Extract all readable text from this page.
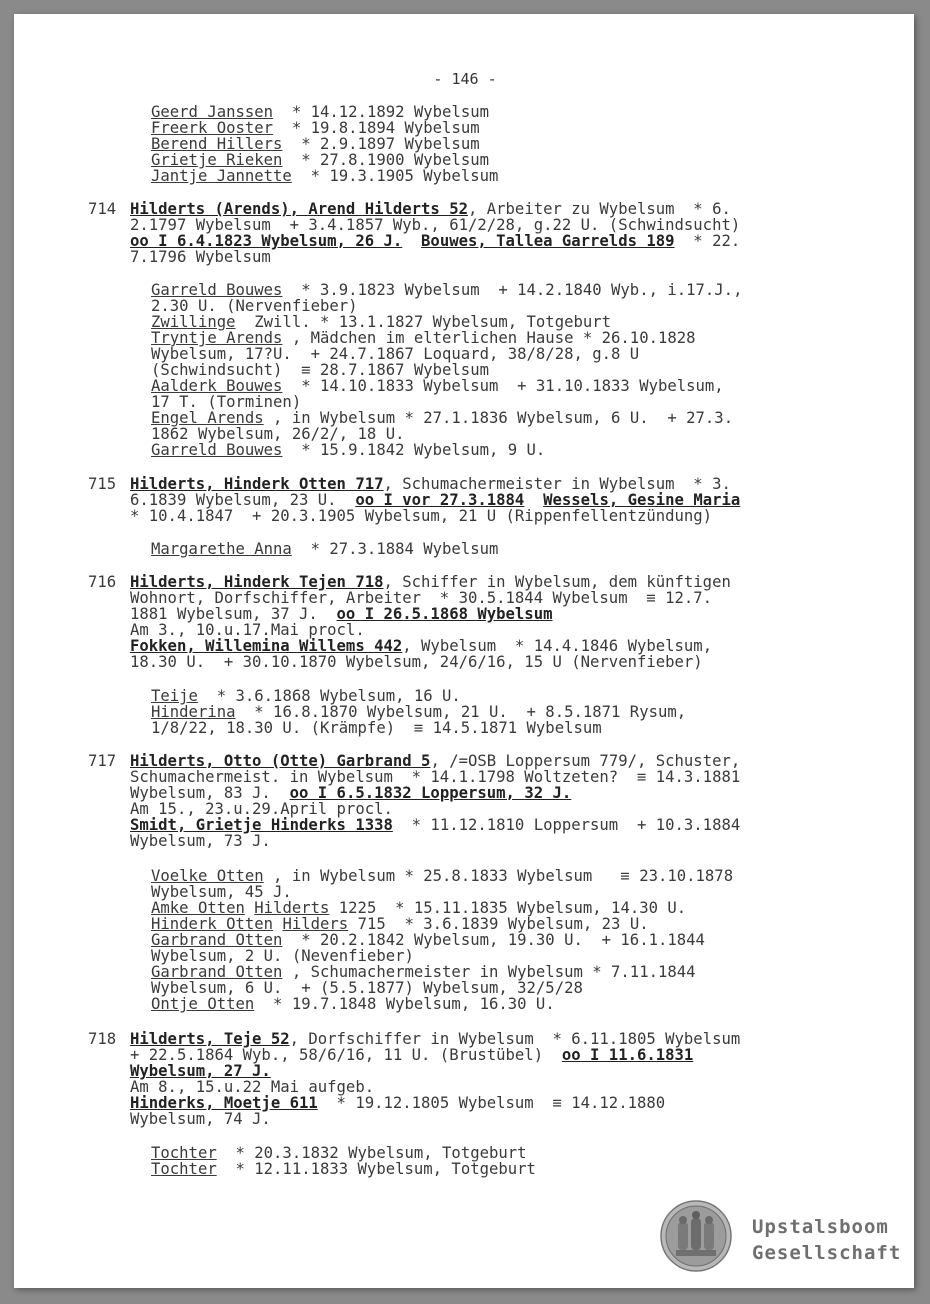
- 146 -
Geerd Janssen  * 14.12.1892 Wybelsum
Freerk Ooster  * 19.8.1894 Wybelsum
Berend Hillers  * 2.9.1897 Wybelsum
Grietje Rieken  * 27.8.1900 Wybelsum
Jantje Jannette  * 19.3.1905 Wybelsum
714 Hilderts (Arends), Arend Hilderts 52, Arbeiter zu Wybelsum  * 6.
2.1797 Wybelsum  + 3.4.1857 Wyb., 61/2/28, g.22 U. (Schwindsucht)
oo I 6.4.1823 Wybelsum, 26 J. Bouwes, Tallea Garrelds 189  * 22.
7.1796 Wybelsum
Garreld Bouwes  * 3.9.1823 Wybelsum  + 14.2.1840 Wyb., i.17.J.,
2.30 U. (Nervenfieber)
Zwillinge  Zwill. * 13.1.1827 Wybelsum, Totgeburt
Tryntje Arends , Mädchen im elterlichen Hause * 26.10.1828
Wybelsum, 17?U.  + 24.7.1867 Loquard, 38/8/28, g.8 U
(Schwindsucht)  ≡ 28.7.1867 Wybelsum
Aalderk Bouwes  * 14.10.1833 Wybelsum  + 31.10.1833 Wybelsum,
17 T. (Torminen)
Engel Arends , in Wybelsum * 27.1.1836 Wybelsum, 6 U.  + 27.3.
1862 Wybelsum, 26/2/, 18 U.
Garreld Bouwes  * 15.9.1842 Wybelsum, 9 U.
715 Hilderts, Hinderk Otten 717, Schumachermeister in Wybelsum  * 3.
6.1839 Wybelsum, 23 U.  oo I vor 27.3.1884 Wessels, Gesine Maria
* 10.4.1847  + 20.3.1905 Wybelsum, 21 U (Rippenfellentzündung)
Margarethe Anna  * 27.3.1884 Wybelsum
716 Hilderts, Hinderk Tejen 718, Schiffer in Wybelsum, dem künftigen
Wohnort, Dorfschiffer, Arbeiter  * 30.5.1844 Wybelsum  ≡ 12.7.
1881 Wybelsum, 37 J.  oo I 26.5.1868 Wybelsum
Am 3., 10.u.17.Mai procl.
Fokken, Willemina Willems 442, Wybelsum  * 14.4.1846 Wybelsum,
18.30 U.  + 30.10.1870 Wybelsum, 24/6/16, 15 U (Nervenfieber)
Teije  * 3.6.1868 Wybelsum, 16 U.
Hinderina  * 16.8.1870 Wybelsum, 21 U.  + 8.5.1871 Rysum,
1/8/22, 18.30 U. (Krämpfe)  ≡ 14.5.1871 Wybelsum
717 Hilderts, Otto (Otte) Garbrand 5, /=OSB Loppersum 779/, Schuster,
Schumachermeist. in Wybelsum  * 14.1.1798 Woltzeten?  ≡ 14.3.1881
Wybelsum, 83 J.  oo I 6.5.1832 Loppersum, 32 J.
Am 15., 23.u.29.April procl.
Smidt, Grietje Hinderks 1338  * 11.12.1810 Loppersum  + 10.3.1884
Wybelsum, 73 J.
Voelke Otten , in Wybelsum * 25.8.1833 Wybelsum   ≡ 23.10.1878
Wybelsum, 45 J.
Amke Otten Hilderts 1225  * 15.11.1835 Wybelsum, 14.30 U.
Hinderk Otten Hilders 715  * 3.6.1839 Wybelsum, 23 U.
Garbrand Otten  * 20.2.1842 Wybelsum, 19.30 U.  + 16.1.1844
Wybelsum, 2 U. (Nevenfieber)
Garbrand Otten , Schumachermeister in Wybelsum * 7.11.1844
Wybelsum, 6 U.  + (5.5.1877) Wybelsum, 32/5/28
Ontje Otten  * 19.7.1848 Wybelsum, 16.30 U.
718 Hilderts, Teje 52, Dorfschiffer in Wybelsum  * 6.11.1805 Wybelsum
+ 22.5.1864 Wyb., 58/6/16, 11 U. (Brustübel)  oo I 11.6.1831
Wybelsum, 27 J.
Am 8., 15.u.22 Mai aufgeb.
Hinderks, Moetje 611  * 19.12.1805 Wybelsum  ≡ 14.12.1880
Wybelsum, 74 J.
Tochter  * 20.3.1832 Wybelsum, Totgeburt
Tochter  * 12.11.1833 Wybelsum, Totgeburt
Upstalsboom
Gesellschaft
